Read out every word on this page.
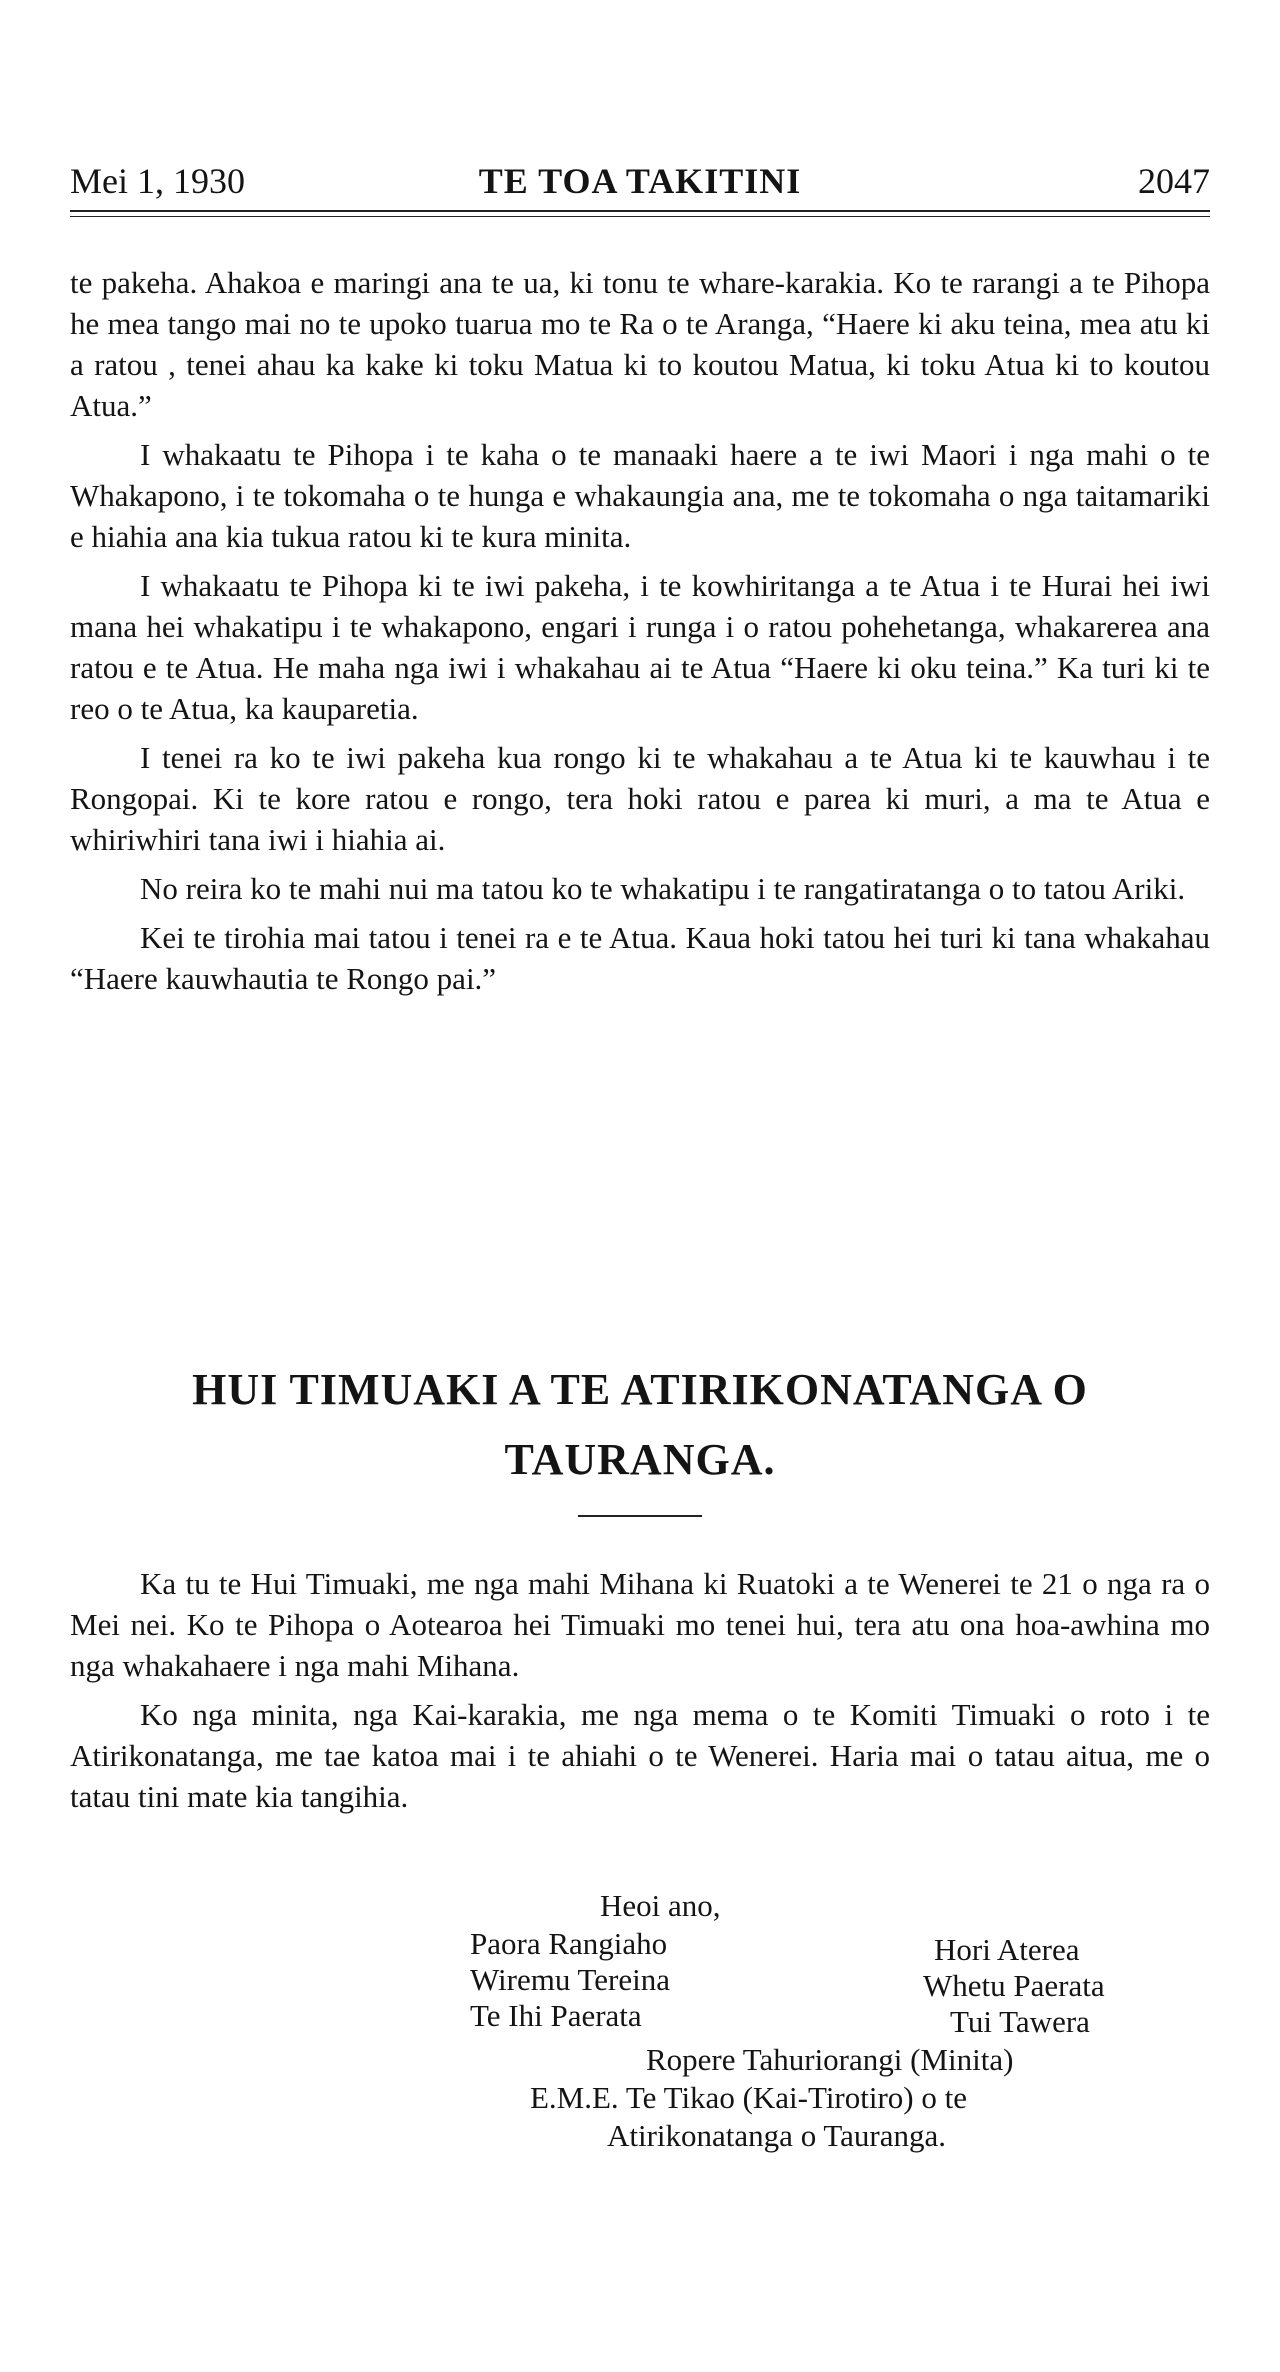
Mei 1, 1930	TE TOA TAKITINI	2047

te pakeha. Ahakoa e maringi ana te ua, ki tonu te whare-karakia. Ko te rarangi a te Pihopa he mea tango mai no te upoko tuarua mo te Ra o te Aranga, “Haere ki aku teina, mea atu ki a ratou , tenei ahau ka kake ki toku Matua ki to koutou Matua, ki toku Atua ki to koutou Atua.”

I whakaatu te Pihopa i te kaha o te manaaki haere a te iwi Maori i nga mahi o te Whakapono, i te tokomaha o te hunga e whakaungia ana, me te tokomaha o nga taitamariki e hiahia ana kia tukua ratou ki te kura minita.

I whakaatu te Pihopa ki te iwi pakeha, i te kowhiritanga a te Atua i te Hurai hei iwi mana hei whakatipu i te whakapono, engari i runga i o ratou pohehetanga, whakarerea ana ratou e te Atua. He maha nga iwi i whakahau ai te Atua “Haere ki oku teina.” Ka turi ki te reo o te Atua, ka kauparetia.

I tenei ra ko te iwi pakeha kua rongo ki te whakahau a te Atua ki te kauwhau i te Rongopai. Ki te kore ratou e rongo, tera hoki ratou e parea ki muri, a ma te Atua e whiriwhiri tana iwi i hiahia ai.

No reira ko te mahi nui ma tatou ko te whakatipu i te rangatiratanga o to tatou Ariki.

Kei te tirohia mai tatou i tenei ra e te Atua. Kaua hoki tatou hei turi ki tana whakahau “Haere kauwhautia te Rongo pai.”

HUI TIMUAKI A TE ATIRIKONATANGA O
TAURANGA.

Ka tu te Hui Timuaki, me nga mahi Mihana ki Ruatoki a te Wenerei te 21 o nga ra o Mei nei. Ko te Pihopa o Aotearoa hei Timuaki mo tenei hui, tera atu ona hoa-awhina mo nga whakahaere i nga mahi Mihana.

Ko nga minita, nga Kai-karakia, me nga mema o te Komiti Timuaki o roto i te Atirikonatanga, me tae katoa mai i te ahiahi o te Wenerei. Haria mai o tatau aitua, me o tatau tini mate kia tangihia.

Heoi ano,
Paora Rangiaho
Wiremu Tereina
Te Ihi Paerata
Hori Aterea
Whetu Paerata
Tui Tawera
Ropere Tahuriorangi (Minita)
E.M.E. Te Tikao (Kai-Tirotiro) o te
Atirikonatanga o Tauranga.
